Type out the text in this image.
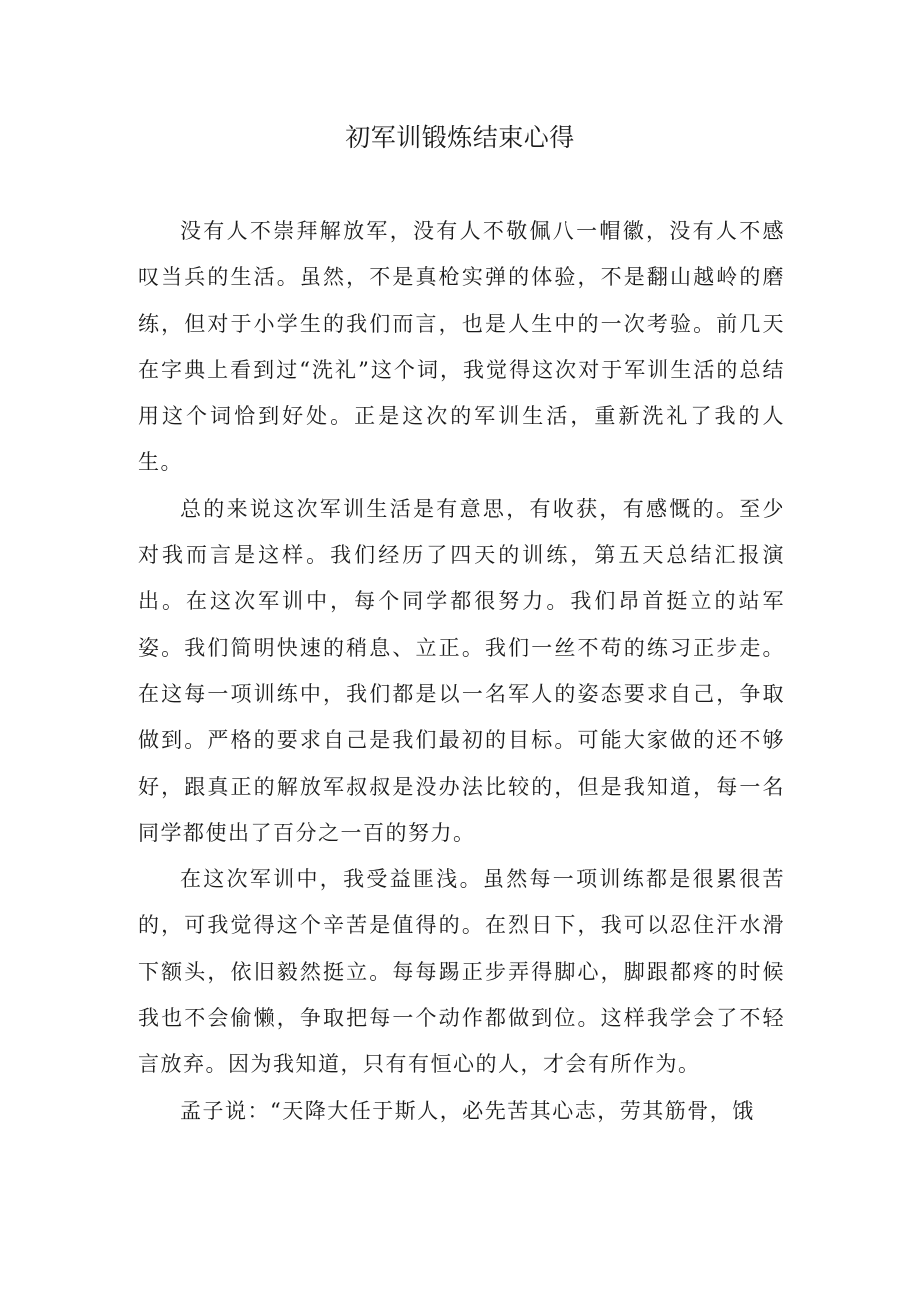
初军训锻炼结束心得

没有人不崇拜解放军，没有人不敬佩八一帽徽，没有人不感叹当兵的生活。虽然，不是真枪实弹的体验，不是翻山越岭的磨练，但对于小学生的我们而言，也是人生中的一次考验。前几天在字典上看到过“洗礼”这个词，我觉得这次对于军训生活的总结用这个词恰到好处。正是这次的军训生活，重新洗礼了我的人生。

总的来说这次军训生活是有意思，有收获，有感慨的。至少对我而言是这样。我们经历了四天的训练，第五天总结汇报演出。在这次军训中，每个同学都很努力。我们昂首挺立的站军姿。我们简明快速的稍息、立正。我们一丝不苟的练习正步走。在这每一项训练中，我们都是以一名军人的姿态要求自己，争取做到。严格的要求自己是我们最初的目标。可能大家做的还不够好，跟真正的解放军叔叔是没办法比较的，但是我知道，每一名同学都使出了百分之一百的努力。

在这次军训中，我受益匪浅。虽然每一项训练都是很累很苦的，可我觉得这个辛苦是值得的。在烈日下，我可以忍住汗水滑下额头，依旧毅然挺立。每每踢正步弄得脚心，脚跟都疼的时候我也不会偷懒，争取把每一个动作都做到位。这样我学会了不轻言放弃。因为我知道，只有有恒心的人，才会有所作为。

孟子说：“天降大任于斯人，必先苦其心志，劳其筋骨，饿
